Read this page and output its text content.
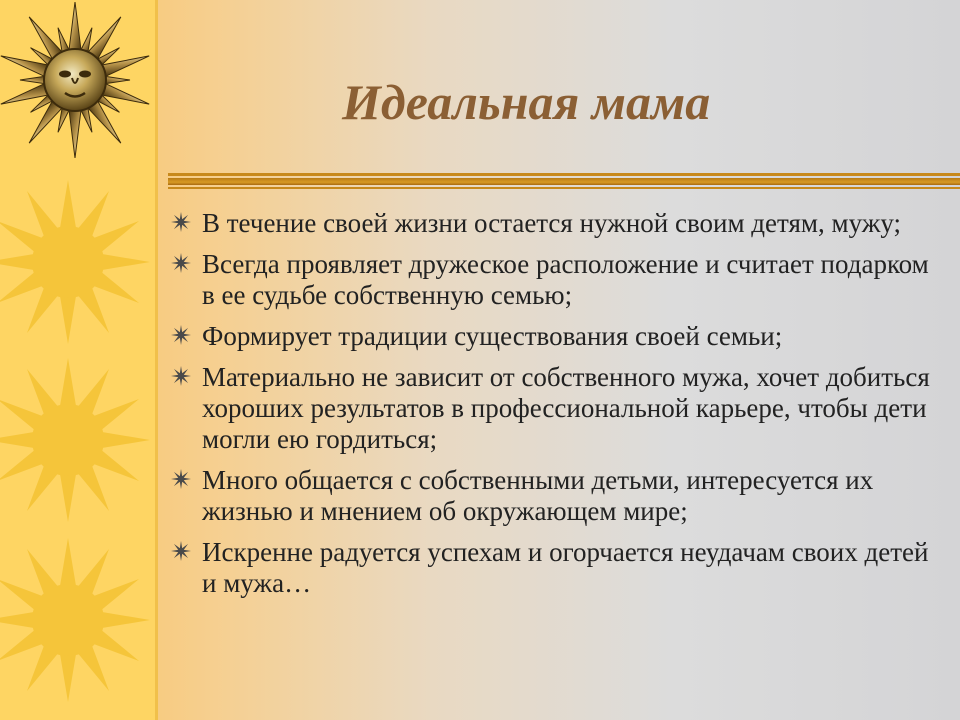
Идеальная мама
В течение своей жизни остается нужной своим детям, мужу;
Всегда проявляет дружеское расположение и считает подарком в ее судьбе собственную семью;
Формирует традиции существования своей семьи;
Материально не зависит от собственного мужа, хочет добиться хороших результатов в профессиональной карьере, чтобы дети могли ею гордиться;
Много общается с собственными детьми, интересуется их жизнью и мнением об окружающем мире;
Искренне радуется успехам и огорчается неудачам своих детей и мужа…
